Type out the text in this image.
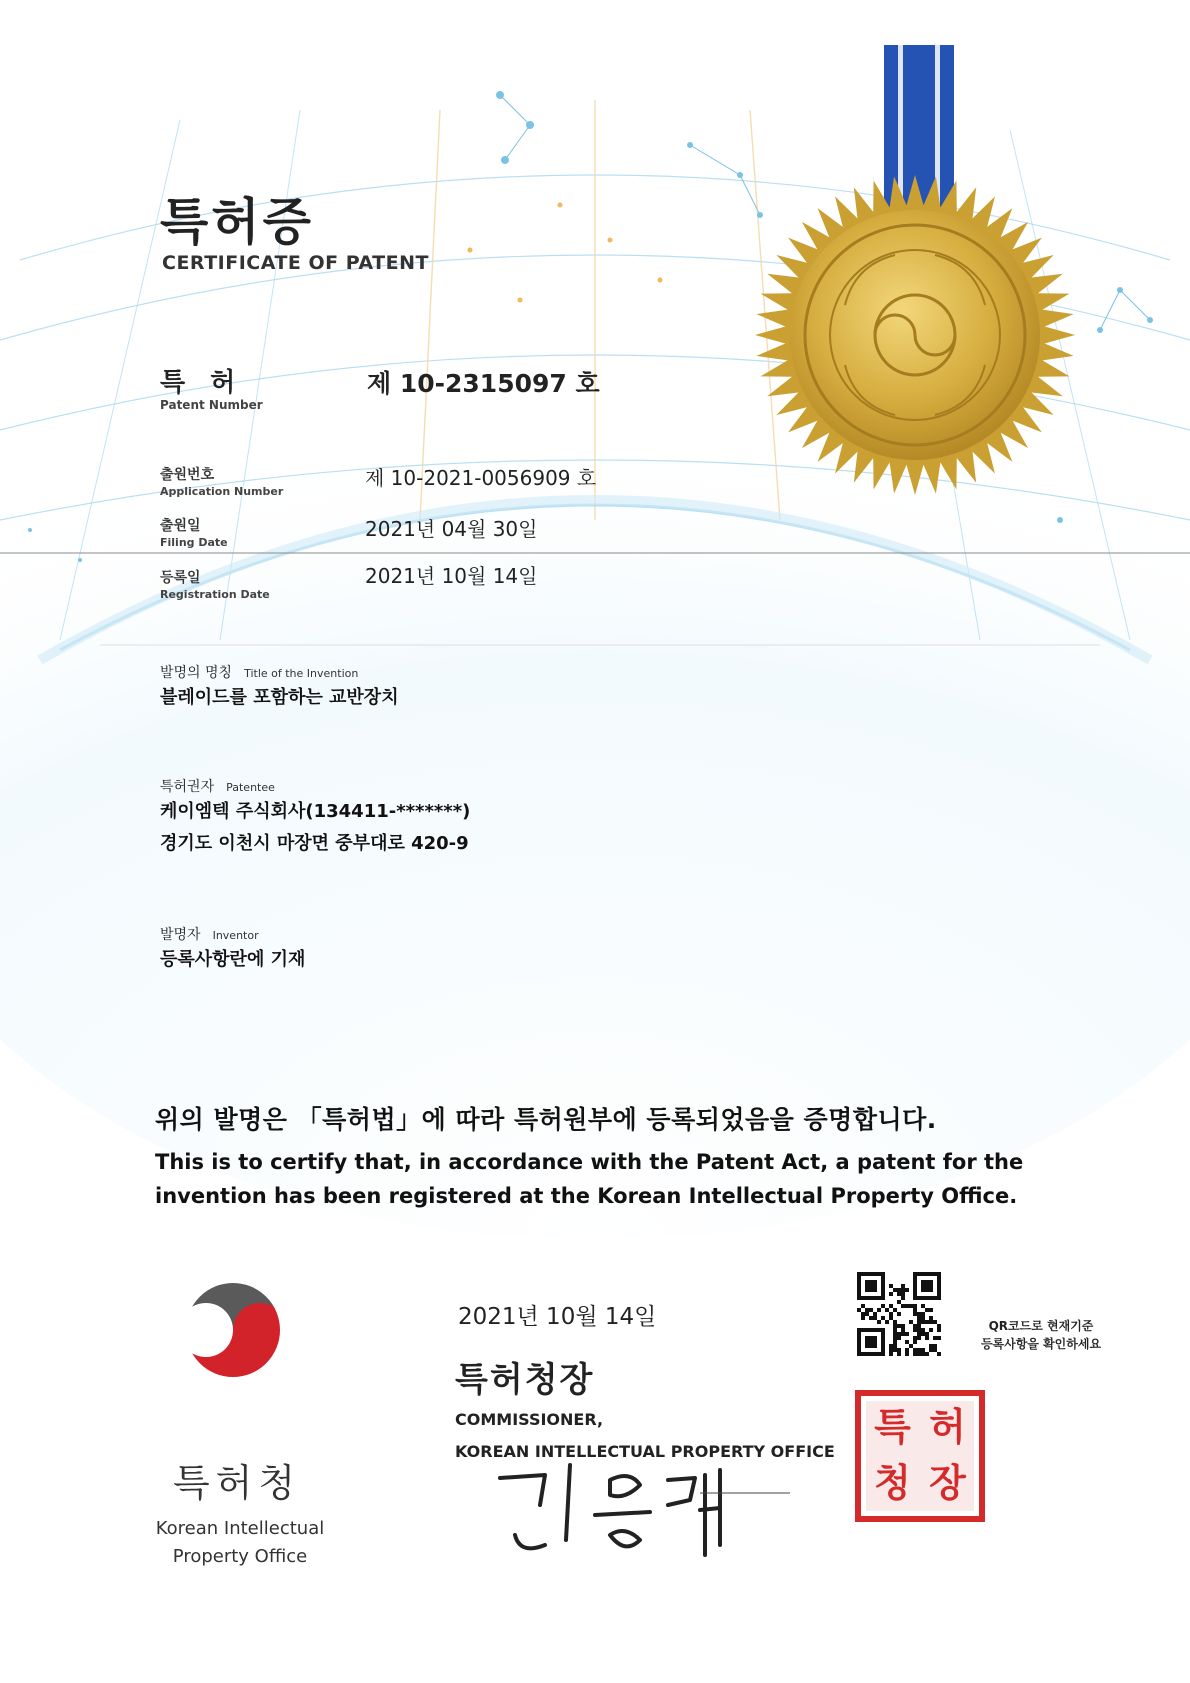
특허증
CERTIFICATE OF PATENT
특 허
Patent Number
제 10-2315097 호
출원번호
Application Number
제 10-2021-0056909 호
출원일
Filing Date
2021년 04월 30일
등록일
Registration Date
2021년 10월 14일
발명의 명칭 Title of the Invention
블레이드를 포함하는 교반장치
특허권자 Patentee
케이엠텍 주식회사(134411-*******)
경기도 이천시 마장면 중부대로 420-9
발명자 Inventor
등록사항란에 기재
위의 발명은 「특허법」에 따라 특허원부에 등록되었음을 증명합니다.
This is to certify that, in accordance with the Patent Act, a patent for the invention has been registered at the Korean Intellectual Property Office.
2021년 10월 14일
특허청장
COMMISSIONER,
KOREAN INTELLECTUAL PROPERTY OFFICE
특허청
Korean Intellectual
Property Office
QR코드로 현재기준
등록사항을 확인하세요
특 허
청 장
